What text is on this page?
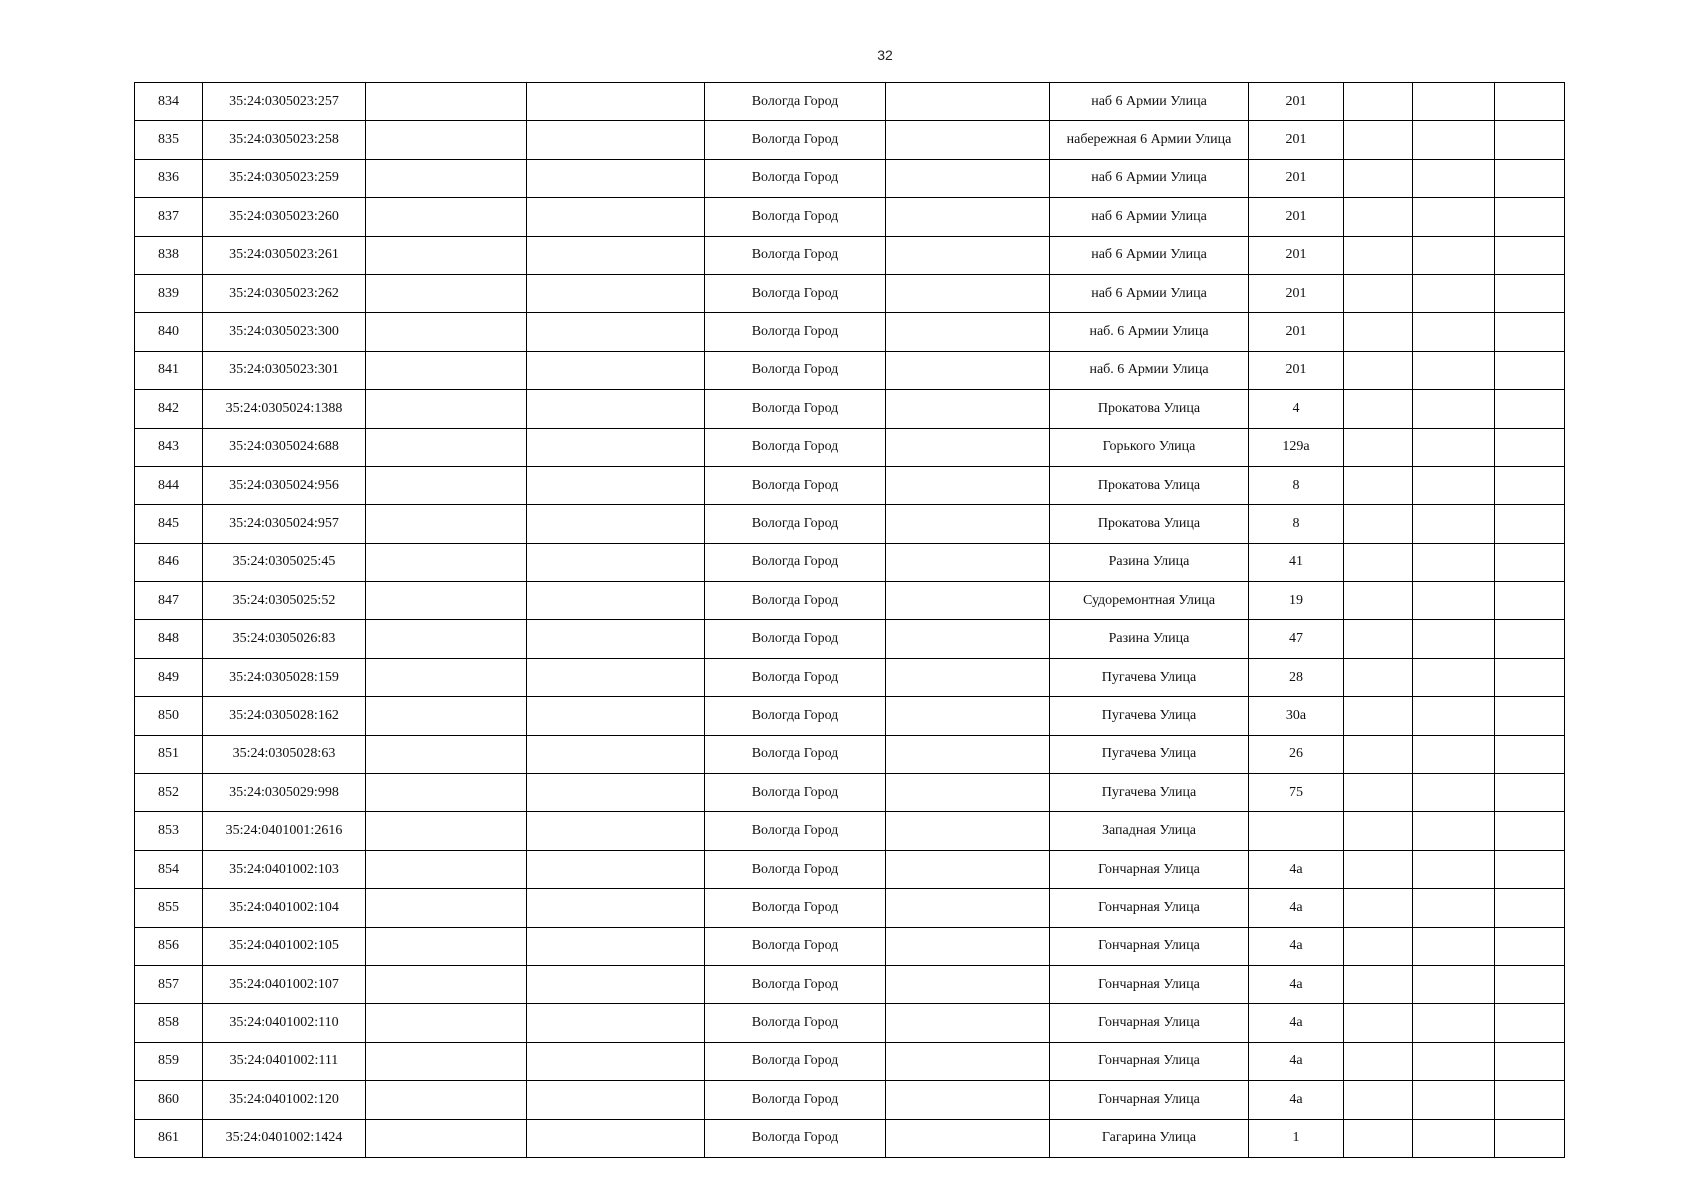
32
834	35:24:0305023:257			Вологда Город		наб 6 Армии Улица	201			
835	35:24:0305023:258			Вологда Город		набережная 6 Армии Улица	201			
836	35:24:0305023:259			Вологда Город		наб 6 Армии Улица	201			
837	35:24:0305023:260			Вологда Город		наб 6 Армии Улица	201			
838	35:24:0305023:261			Вологда Город		наб 6 Армии Улица	201			
839	35:24:0305023:262			Вологда Город		наб 6 Армии Улица	201			
840	35:24:0305023:300			Вологда Город		наб. 6 Армии Улица	201			
841	35:24:0305023:301			Вологда Город		наб. 6 Армии Улица	201			
842	35:24:0305024:1388			Вологда Город		Прокатова Улица	4			
843	35:24:0305024:688			Вологда Город		Горького Улица	129а			
844	35:24:0305024:956			Вологда Город		Прокатова Улица	8			
845	35:24:0305024:957			Вологда Город		Прокатова Улица	8			
846	35:24:0305025:45			Вологда Город		Разина Улица	41			
847	35:24:0305025:52			Вологда Город		Судоремонтная Улица	19			
848	35:24:0305026:83			Вологда Город		Разина Улица	47			
849	35:24:0305028:159			Вологда Город		Пугачева Улица	28			
850	35:24:0305028:162			Вологда Город		Пугачева Улица	30а			
851	35:24:0305028:63			Вологда Город		Пугачева Улица	26			
852	35:24:0305029:998			Вологда Город		Пугачева Улица	75			
853	35:24:0401001:2616			Вологда Город		Западная Улица				
854	35:24:0401002:103			Вологда Город		Гончарная Улица	4а			
855	35:24:0401002:104			Вологда Город		Гончарная Улица	4а			
856	35:24:0401002:105			Вологда Город		Гончарная Улица	4а			
857	35:24:0401002:107			Вологда Город		Гончарная Улица	4а			
858	35:24:0401002:110			Вологда Город		Гончарная Улица	4а			
859	35:24:0401002:111			Вологда Город		Гончарная Улица	4а			
860	35:24:0401002:120			Вологда Город		Гончарная Улица	4а			
861	35:24:0401002:1424			Вологда Город		Гагарина Улица	1			
